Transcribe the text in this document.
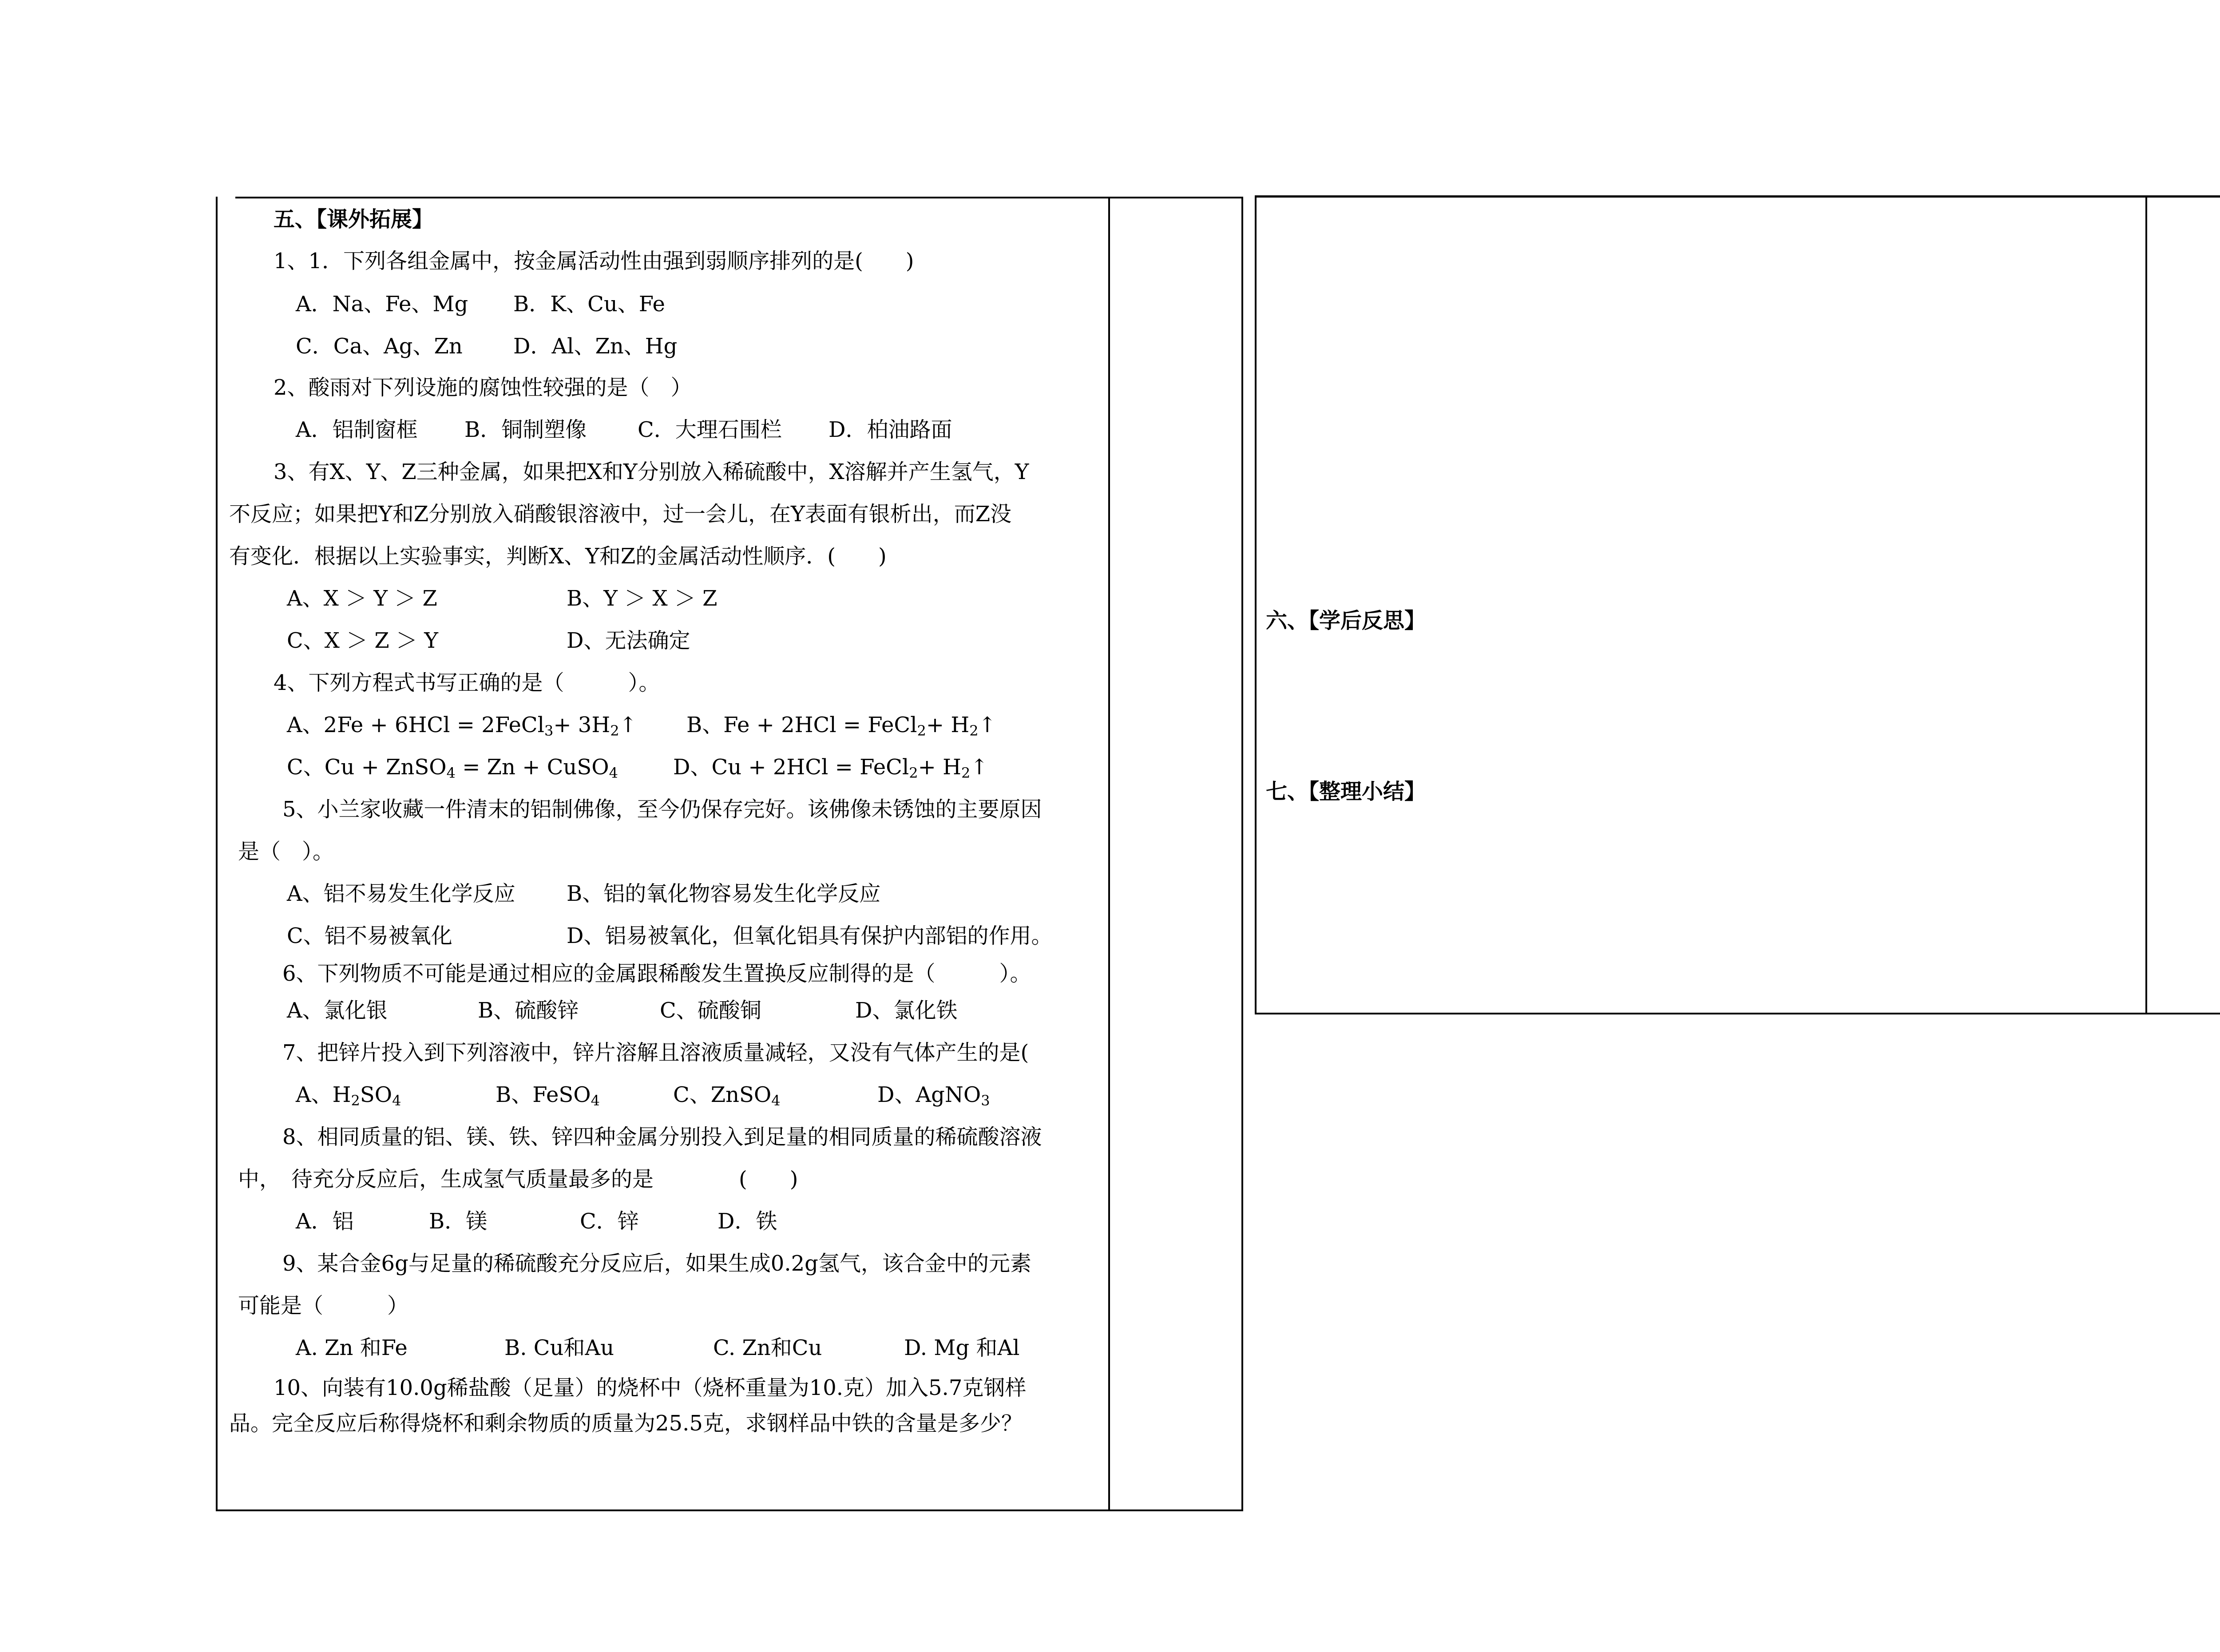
五、【课外拓展】
1、1．下列各组金属中，按金属活动性由强到弱顺序排列的是(　　)
A．Na、Fe、Mg B．K、Cu、Fe
C．Ca、Ag、Zn D．Al、Zn、Hg
2、酸雨对下列设施的腐蚀性较强的是（　）
A．铝制窗框 B．铜制塑像 C．大理石围栏 D．柏油路面
3、有X、Y、Z三种金属，如果把X和Y分别放入稀硫酸中，X溶解并产生氢气，Y
不反应；如果把Y和Z分别放入硝酸银溶液中，过一会儿，在Y表面有银析出，而Z没
有变化．根据以上实验事实，判断X、Y和Z的金属活动性顺序．(　　)
A、X ＞ Y ＞ Z	B、Y ＞ X ＞ Z
C、X ＞ Z ＞ Y	D、无法确定
4、下列方程式书写正确的是（　　　）。
A、2Fe + 6HCl = 2FeCl$_3$+ $3H_2↑$ B、Fe + 2HCl = FeCl$_2$+ $H_2↑$
C、Cu + ZnSO$_4$ = Zn + CuSO$_4$	D、Cu + 2HCl = FeCl$_2$+ $H_2↑$
5、小兰家收藏一件清末的铝制佛像，至今仍保存完好。该佛像未锈蚀的主要原因
是（　）。
A、铝不易发生化学反应 B、铝的氧化物容易发生化学反应
C、铝不易被氧化	D、铝易被氧化，但氧化铝具有保护内部铝的作用。
6、下列物质不可能是通过相应的金属跟稀酸发生置换反应制得的是（　　　）。
A、氯化银	B、硫酸锌	C、硫酸铜	D、氯化铁
7、把锌片投入到下列溶液中，锌片溶解且溶液质量减轻，又没有气体产生的是(
A、$H_2SO_4$	B、FeSO$_4$	C、ZnSO$_4$	D、AgNO$_3$
8、相同质量的铝、镁、铁、锌四种金属分别投入到足量的相同质量的稀硫酸溶液
中，　待充分反应后，生成氢气质量最多的是　　　　(　　)
A．铝	B．镁	C．锌	D．铁
9、某合金6g与足量的稀硫酸充分反应后，如果生成0.2g氢气，该合金中的元素
可能是（　　　）
A. Zn 和Fe	B. Cu和Au	C. Zn和Cu	D. Mg 和Al
10、向装有10.0g稀盐酸（足量）的烧杯中（烧杯重量为10.克）加入5.7克钢样
品。完全反应后称得烧杯和剩余物质的质量为25.5克，求钢样品中铁的含量是多少？
六、【学后反思】
七、【整理小结】
